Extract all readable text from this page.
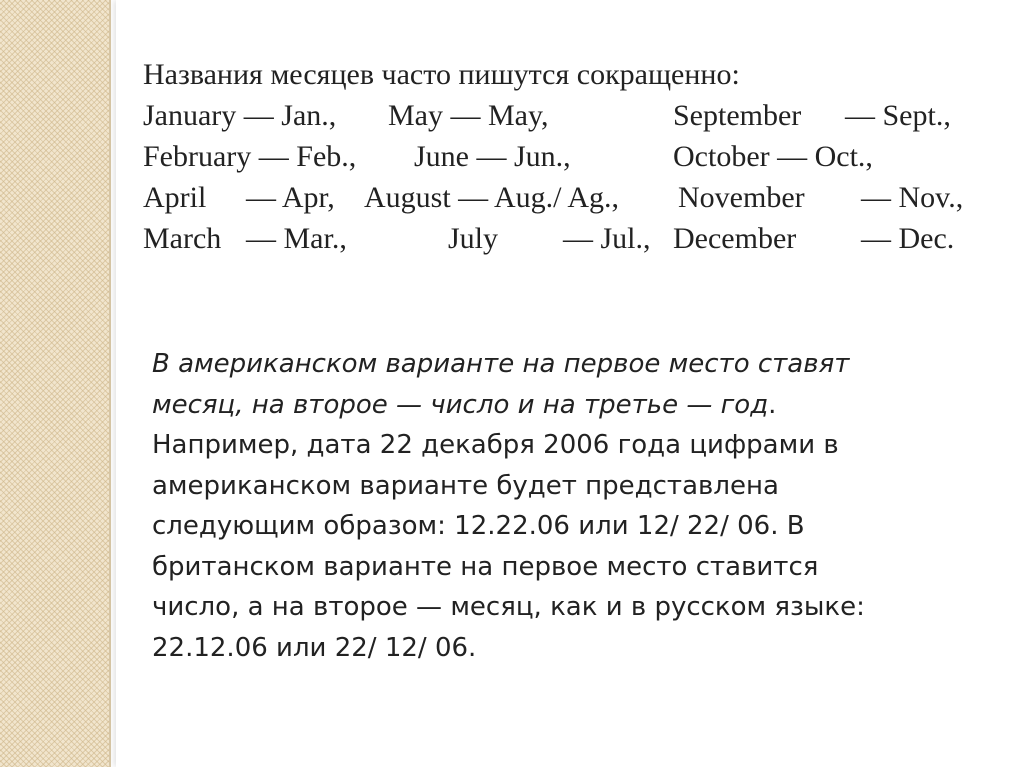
Названия месяцев часто пишутся сокращенно:
January — Jan., May — May,	September — Sept.,
February — Feb., June — Jun.,	October — Oct.,
April — Apr, August — Aug./ Ag., November — Nov.,
March — Mar.,	July — Jul., December — Dec.
В американском варианте на первое место ставят
месяц, на второе — число и на третье — год.
Например, дата 22 декабря 2006 года цифрами в
американском варианте будет представлена
следующим образом: 12.22.06 или 12/ 22/ 06. В
британском варианте на первое место ставится
число, а на второе — месяц, как и в русском языке:
22.12.06 или 22/ 12/ 06.
